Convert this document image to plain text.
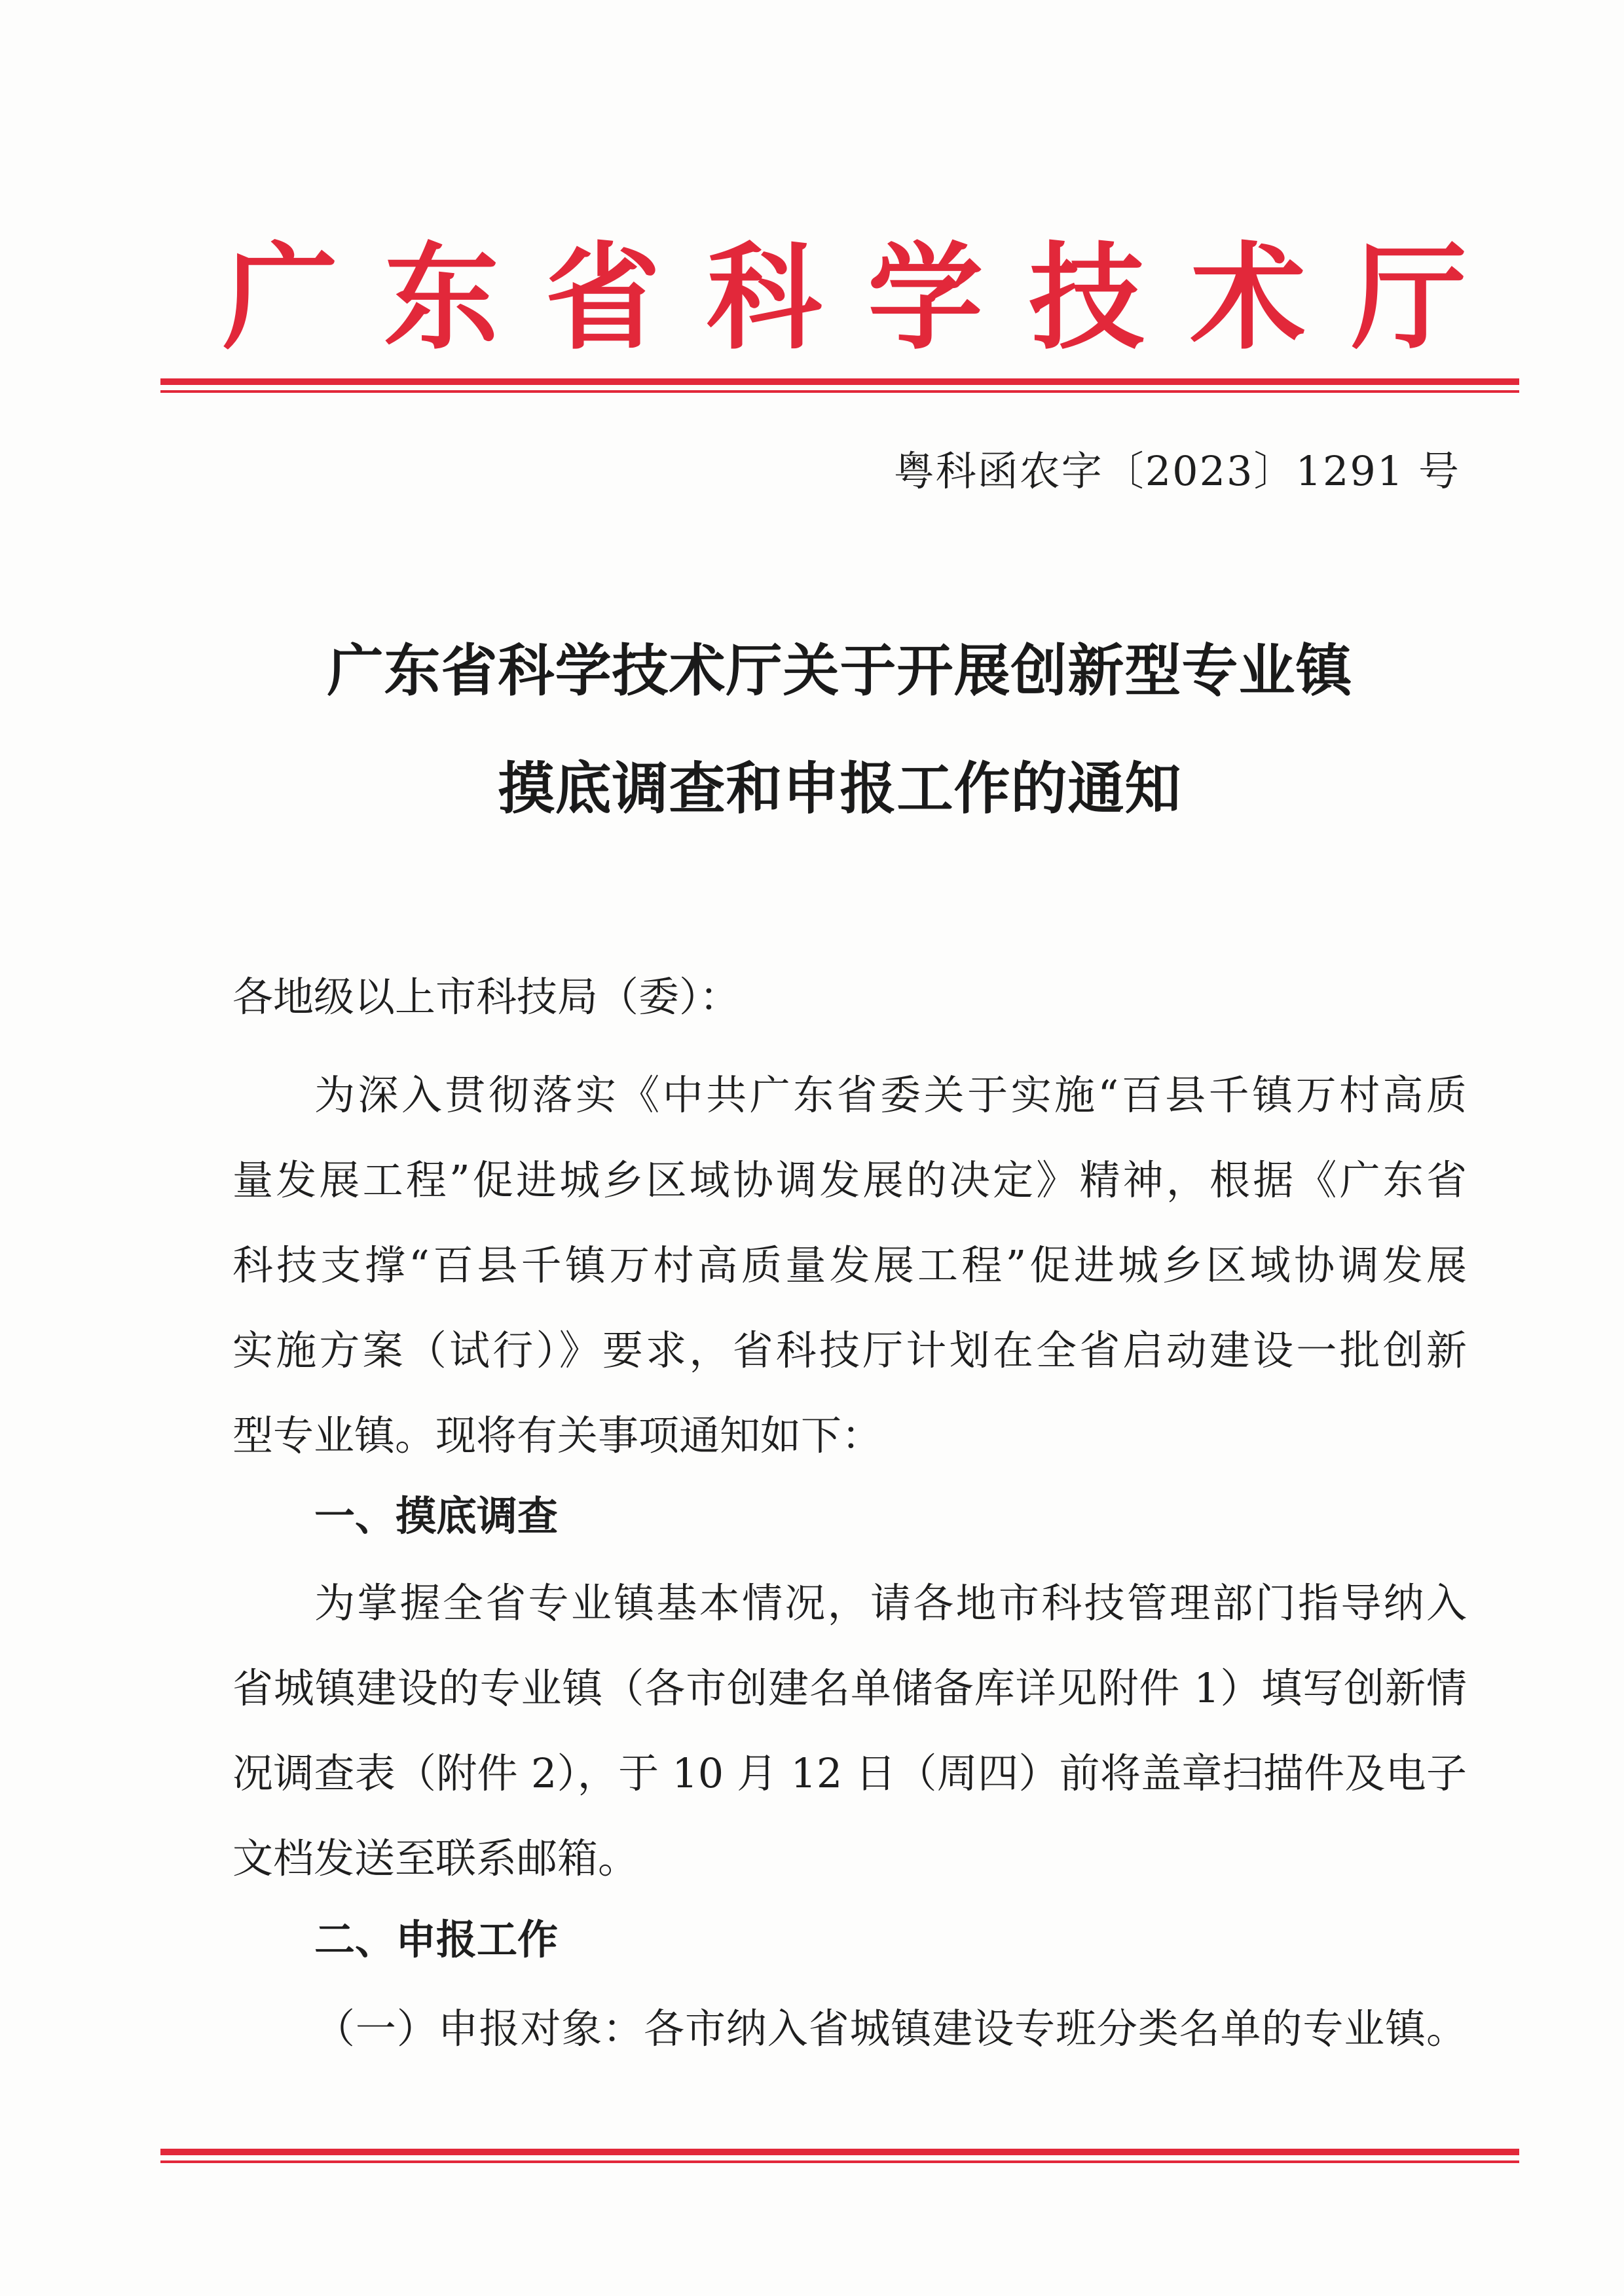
广 东 省 科 学 技 术 厅
粤科函农字〔2023〕1291 号
广东省科学技术厅关于开展创新型专业镇
摸底调查和申报工作的通知
各地级以上市科技局（委）：
为深入贯彻落实《中共广东省委关于实施“百县千镇万村高质
量发展工程”促进城乡区域协调发展的决定》精神，根据《广东省
科技支撑“百县千镇万村高质量发展工程”促进城乡区域协调发展
实施方案（试行）》要求，省科技厅计划在全省启动建设一批创新
型专业镇。现将有关事项通知如下：
一、摸底调查
为掌握全省专业镇基本情况，请各地市科技管理部门指导纳入
省城镇建设的专业镇（各市创建名单储备库详见附件 1）填写创新情
况调查表（附件 2），于 10 月 12 日（周四）前将盖章扫描件及电子
文档发送至联系邮箱。
二、申报工作
（一）申报对象：各市纳入省城镇建设专班分类名单的专业镇。
